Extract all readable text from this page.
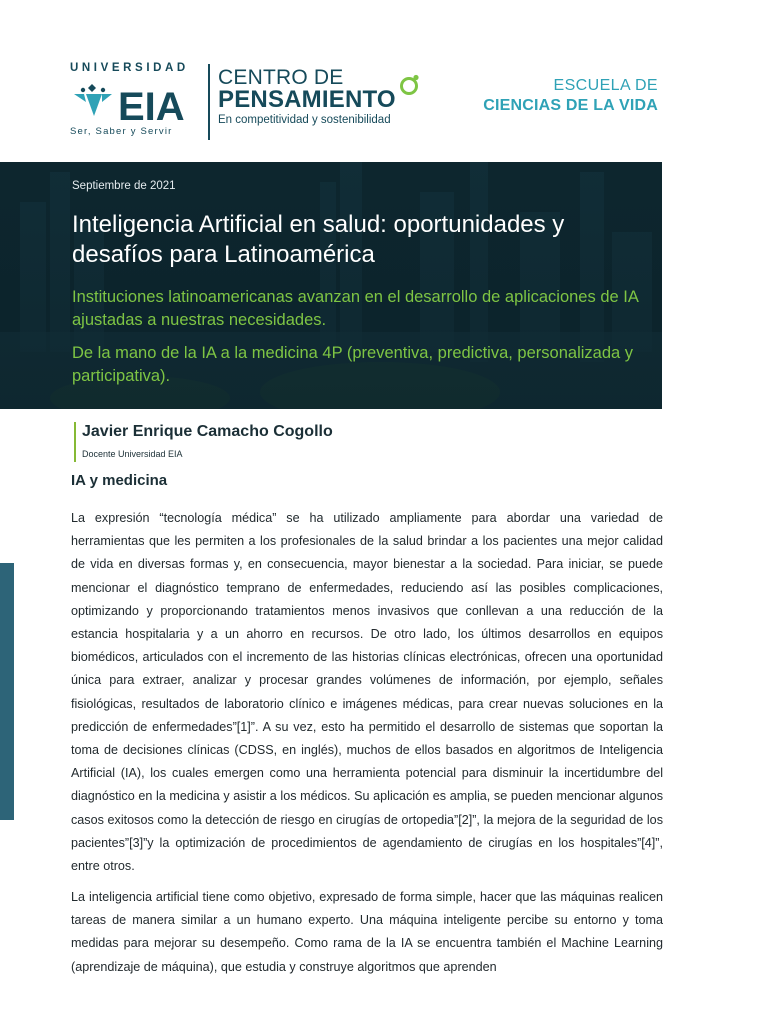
UNIVERSIDAD

EIA

Ser, Saber y Servir

CENTRO DE

PENSAMIENTO

En competitividad y sostenibilidad

ESCUELA DE
CIENCIAS DE LA VIDA

Septiembre de 2021

Inteligencia Artificial en salud: oportunidades y desafíos para Latinoamérica

Instituciones latinoamericanas avanzan en el desarrollo de aplicaciones de IA ajustadas a nuestras necesidades.

De la mano de la IA a la medicina 4P (preventiva, predictiva, personalizada y participativa).

Javier Enrique Camacho Cogollo

Docente Universidad EIA

IA y medicina

La expresión “tecnología médica” se ha utilizado ampliamente para abordar una variedad de herramientas que les permiten a los profesionales de la salud brindar a los pacientes una mejor calidad de vida en diversas formas y, en consecuencia, mayor bienestar a la sociedad. Para iniciar, se puede mencionar el diagnóstico temprano de enfermedades, reduciendo así las posibles complicaciones, optimizando y proporcionando tratamientos menos invasivos que conllevan a una reducción de la estancia hospitalaria y a un ahorro en recursos. De otro lado, los últimos desarrollos en equipos biomédicos, articulados con el incremento de las historias clínicas electrónicas, ofrecen una oportunidad única para extraer, analizar y procesar grandes volúmenes de información, por ejemplo, señales fisiológicas, resultados de laboratorio clínico e imágenes médicas, para crear nuevas soluciones en la predicción de enfermedades”[1]”. A su vez, esto ha permitido el desarrollo de sistemas que soportan la toma de decisiones clínicas (CDSS, en inglés), muchos de ellos basados en algoritmos de Inteligencia Artificial (IA), los cuales emergen como una herramienta potencial para disminuir la incertidumbre del diagnóstico en la medicina y asistir a los médicos. Su aplicación es amplia, se pueden mencionar algunos casos exitosos como la detección de riesgo en cirugías de ortopedia”[2]”, la mejora de la seguridad de los pacientes”[3]”y la optimización de procedimientos de agendamiento de cirugías en los hospitales”[4]”, entre otros.

La inteligencia artificial tiene como objetivo, expresado de forma simple, hacer que las máquinas realicen tareas de manera similar a un humano experto. Una máquina inteligente percibe su entorno y toma medidas para mejorar su desempeño. Como rama de la IA se encuentra también el Machine Learning (aprendizaje de máquina), que estudia y construye algoritmos que aprenden
